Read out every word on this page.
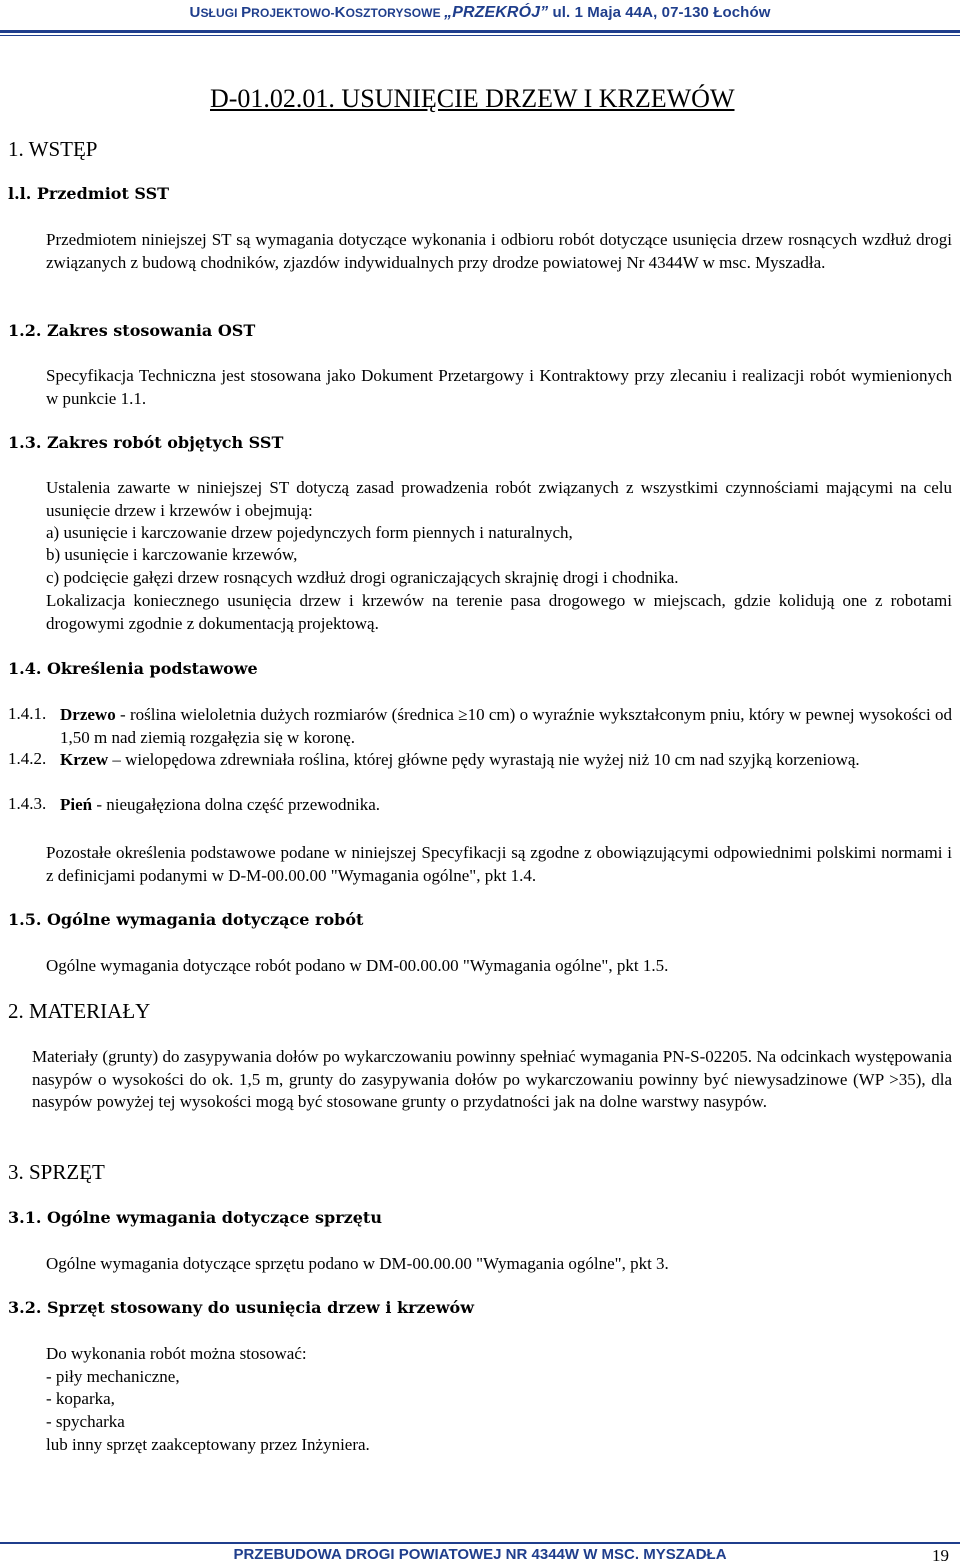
USŁUGI PROJEKTOWO-KOSZTORYSOWE „PRZEKRÓJ” ul. 1 Maja 44A, 07-130 Łochów
D-01.02.01. USUNIĘCIE DRZEW I KRZEWÓW
1. WSTĘP
l.l. Przedmiot SST
Przedmiotem niniejszej ST są wymagania dotyczące wykonania i odbioru robót dotyczące usunięcia drzew rosnących wzdłuż drogi związanych z budową chodników, zjazdów indywidualnych przy drodze powiatowej Nr 4344W w msc. Myszadła.
1.2. Zakres stosowania OST
Specyfikacja Techniczna jest stosowana jako Dokument Przetargowy i Kontraktowy przy zlecaniu i realizacji robót wymienionych w punkcie 1.1.
1.3. Zakres robót objętych SST
Ustalenia zawarte w niniejszej ST dotyczą zasad prowadzenia robót związanych z wszystkimi czynnościami mającymi na celu usunięcie drzew i krzewów i obejmują:
a) usunięcie i karczowanie drzew pojedynczych form piennych i naturalnych,
b) usunięcie i karczowanie krzewów,
c) podcięcie gałęzi drzew rosnących wzdłuż drogi ograniczających skrajnię drogi i chodnika.
Lokalizacja koniecznego usunięcia drzew i krzewów na terenie pasa drogowego w miejscach, gdzie kolidują one z robotami drogowymi zgodnie z dokumentacją projektową.
1.4. Określenia podstawowe
1.4.1. Drzewo - roślina wieloletnia dużych rozmiarów (średnica ≥10 cm) o wyraźnie wykształconym pniu, który w pewnej wysokości od 1,50 m nad ziemią rozgałęzia się w koronę.
1.4.2. Krzew – wielopędowa zdrewniała roślina, której główne pędy wyrastają nie wyżej niż 10 cm nad szyjką korzeniową.
1.4.3. Pień - nieugałęziona dolna część przewodnika.
Pozostałe określenia podstawowe podane w niniejszej Specyfikacji są zgodne z obowiązującymi odpowiednimi polskimi normami i z definicjami podanymi w D-M-00.00.00 "Wymagania ogólne", pkt 1.4.
1.5. Ogólne wymagania dotyczące robót
Ogólne wymagania dotyczące robót podano w DM-00.00.00 "Wymagania ogólne", pkt 1.5.
2. MATERIAŁY
Materiały (grunty) do zasypywania dołów po wykarczowaniu powinny spełniać wymagania PN-S-02205. Na odcinkach występowania nasypów o wysokości do ok. 1,5 m, grunty do zasypywania dołów po wykarczowaniu powinny być niewysadzinowe (WP >35), dla nasypów powyżej tej wysokości mogą być stosowane grunty o przydatności jak na dolne warstwy nasypów.
3. SPRZĘT
3.1. Ogólne wymagania dotyczące sprzętu
Ogólne wymagania dotyczące sprzętu podano w DM-00.00.00 "Wymagania ogólne", pkt 3.
3.2. Sprzęt stosowany do usunięcia drzew i krzewów
Do wykonania robót można stosować:
- piły mechaniczne,
- koparka,
- spycharka
lub inny sprzęt zaakceptowany przez Inżyniera.
PRZEBUDOWA DROGI POWIATOWEJ NR 4344W W MSC. MYSZADŁA	19
